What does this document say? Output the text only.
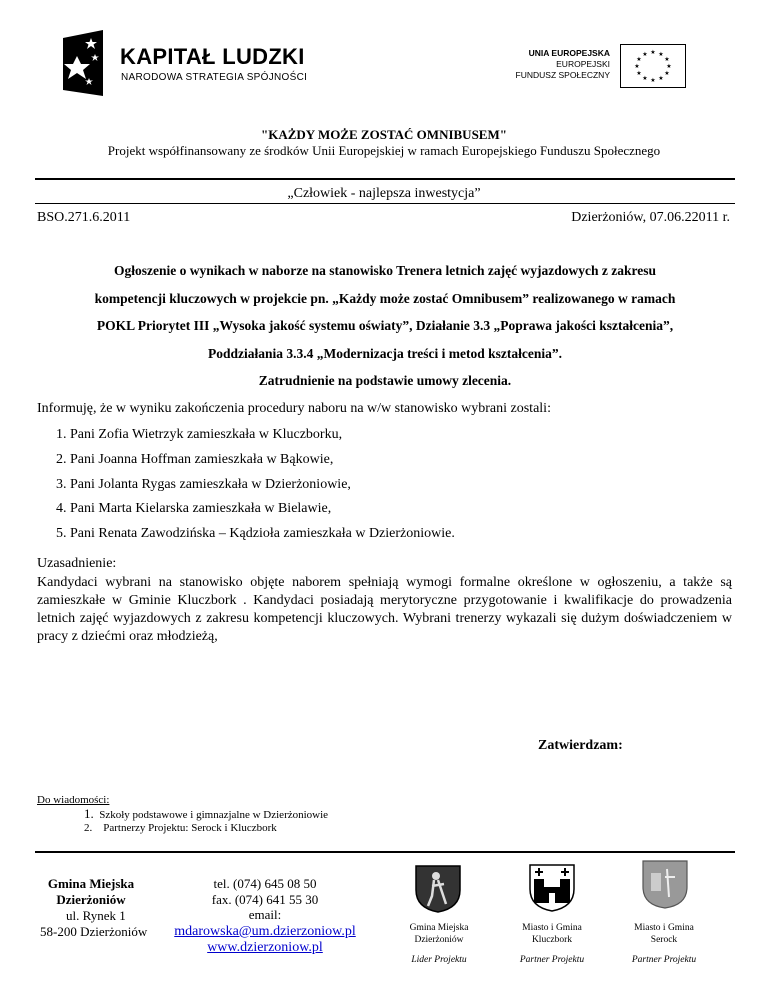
KAPITAŁ LUDZKI
NARODOWA STRATEGIA SPÓJNOŚCI
UNIA EUROPEJSKA
EUROPEJSKI
FUNDUSZ SPOŁECZNY
★ ★
★
★
★
★
★
★
★
★
★
★
"KAŻDY MOŻE ZOSTAĆ OMNIBUSEM"
Projekt współfinansowany ze środków Unii Europejskiej w ramach Europejskiego Funduszu Społecznego
„Człowiek - najlepsza inwestycja”
BSO.271.6.2011	Dzierżoniów, 07.06.22011 r.
Ogłoszenie o wynikach w naborze na stanowisko Trenera letnich zajęć wyjazdowych z zakresu
kompetencji kluczowych w projekcie pn. „Każdy może zostać Omnibusem” realizowanego w ramach
POKL Priorytet III „Wysoka jakość systemu oświaty”, Działanie 3.3 „Poprawa jakości kształcenia”,
Poddziałania 3.3.4 „Modernizacja treści i metod kształcenia”.
Zatrudnienie na podstawie umowy zlecenia.
Informuję, że w wyniku zakończenia procedury naboru na w/w stanowisko wybrani zostali:
1. Pani Zofia Wietrzyk zamieszkała w Kluczborku,
2. Pani Joanna Hoffman zamieszkała w Bąkowie,
3. Pani Jolanta Rygas zamieszkała w Dzierżoniowie,
4. Pani Marta Kielarska zamieszkała w Bielawie,
5. Pani Renata Zawodzińska – Kądzioła zamieszkała w Dzierżoniowie.
Uzasadnienie:
Kandydaci wybrani na stanowisko objęte naborem spełniają wymogi formalne określone w ogłoszeniu, a także są zamieszkałe w Gminie Kluczbork . Kandydaci posiadają merytoryczne przygotowanie i kwalifikacje do prowadzenia letnich zajęć wyjazdowych z zakresu kompetencji kluczowych. Wybrani trenerzy wykazali się dużym doświadczeniem w pracy z dziećmi oraz młodzieżą,
Zatwierdzam:
Do wiadomości:
1. Szkoły podstawowe i gimnazjalne w Dzierżoniowie
2. Partnerzy Projektu: Serock i Kluczbork
Gmina Miejska
Dzierżoniów
ul. Rynek 1
58-200 Dzierżoniów
tel. (074) 645 08 50
fax. (074) 641 55 30
email:
mdarowska@um.dzierzoniow.pl
www.dzierzoniow.pl
Gmina Miejska
Dzierżoniów
Miasto i Gmina
Kluczbork
Miasto i Gmina
Serock
Lider Projektu	Partner Projektu	Partner Projektu
